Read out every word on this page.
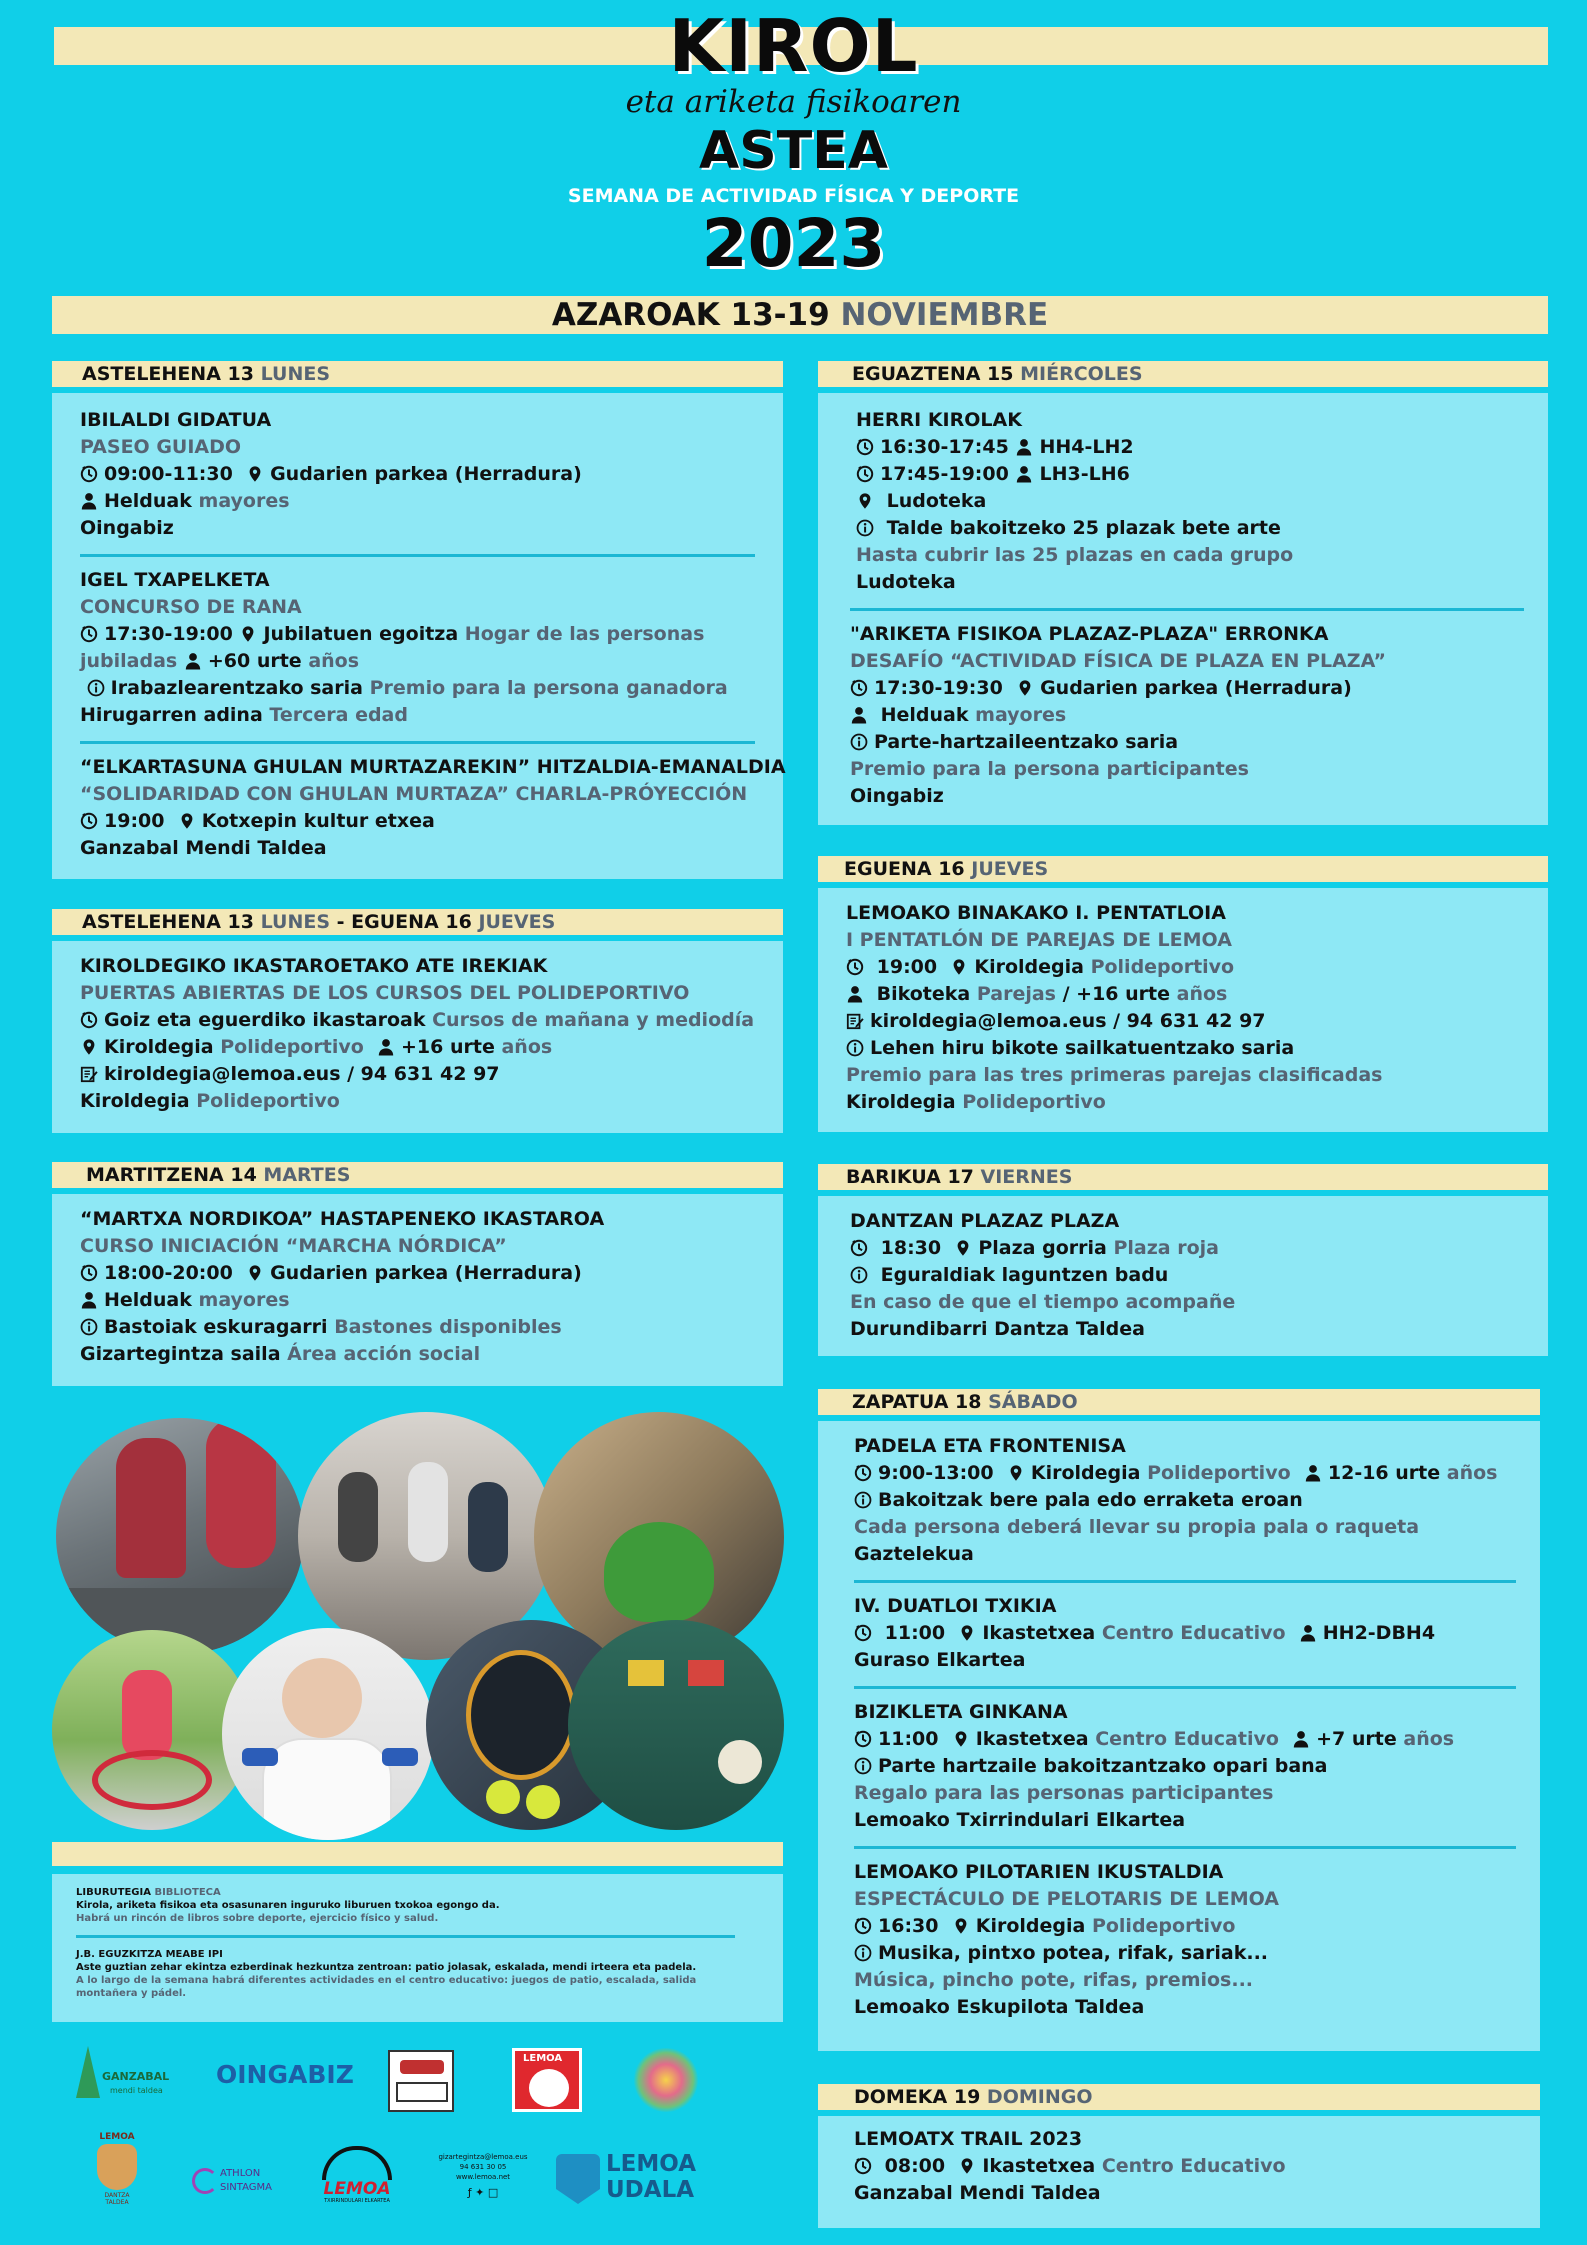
KIROL
eta ariketa fisikoaren
ASTEA
SEMANA DE ACTIVIDAD FÍSICA Y DEPORTE
2023
AZAROAK 13-19 NOVIEMBRE
ASTELEHENA 13 LUNES
IBILALDI GIDATUA
PASEO GUIADO
09:00-11:30 Gudarien parkea (Herradura)
Helduak mayores
Oingabiz
IGEL TXAPELKETA
CONCURSO DE RANA
17:30-19:00 Jubilatuen egoitza Hogar de las personas
jubiladas +60 urte años

Irabazlearentzako saria Premio para la persona ganadora
Hirugarren adina Tercera edad
“ELKARTASUNA GHULAN MURTAZAREKIN” HITZALDIA-EMANALDIA
“SOLIDARIDAD CON GHULAN MURTAZA” CHARLA-PRÓYECCIÓN
19:00 Kotxepin kultur etxea
Ganzabal Mendi Taldea
ASTELEHENA 13 LUNES - EGUENA 16 JUEVES
KIROLDEGIKO IKASTAROETAKO ATE IREKIAK
PUERTAS ABIERTAS DE LOS CURSOS DEL POLIDEPORTIVO
Goiz eta eguerdiko ikastaroak Cursos de mañana y mediodía
Kiroldegia Polideportivo +16 urte años
kiroldegia@lemoa.eus / 94 631 42 97
Kiroldegia Polideportivo
MARTITZENA 14 MARTES
“MARTXA NORDIKOA” HASTAPENEKO IKASTAROA
CURSO INICIACIÓN “MARCHA NÓRDICA”
18:00-20:00 Gudarien parkea (Herradura)
Helduak mayores
Bastoiak eskuragarri Bastones disponibles
Gizartegintza saila Área acción social
LIBURUTEGIA BIBLIOTECA
Kirola, ariketa fisikoa eta osasunaren inguruko liburuen txokoa egongo da.
Habrá un rincón de libros sobre deporte, ejercicio físico y salud.
J.B. EGUZKITZA MEABE IPI
Aste guztian zehar ekintza ezberdinak hezkuntza zentroan: patio jolasak, eskalada, mendi irteera eta padela.
A lo largo de la semana habrá diferentes actividades en el centro educativo: juegos de patio, escalada, salida montañera y pádel.
GANZABAL
mendi taldea
OINGABIZ
LEMOA
LEMOA
DANTZA TALDEA
ATHLON
SINTAGMA	LEMOA
TXIRRINDULARI ELKARTEA
gizartegintza@lemoa.eus
94 631 30 05
www.lemoa.net
ƒ ✦ □
LEMOA
UDALA
EGUAZTENA 15 MIÉRCOLES
HERRI KIROLAK
16:30-17:45 HH4-LH2
17:45-19:00 LH3-LH6
Ludoteka
Talde bakoitzeko 25 plazak bete arte
Hasta cubrir las 25 plazas en cada grupo
Ludoteka
"ARIKETA FISIKOA PLAZAZ-PLAZA" ERRONKA
DESAFÍO “ACTIVIDAD FÍSICA DE PLAZA EN PLAZA”
17:30-19:30 Gudarien parkea (Herradura)
Helduak mayores
Parte-hartzaileentzako saria
Premio para la persona participantes
Oingabiz
EGUENA 16 JUEVES
LEMOAKO BINAKAKO I. PENTATLOIA
I PENTATLÓN DE PAREJAS DE LEMOA
19:00 Kiroldegia Polideportivo
Bikoteka Parejas / +16 urte años
kiroldegia@lemoa.eus / 94 631 42 97
Lehen hiru bikote sailkatuentzako saria
Premio para las tres primeras parejas clasificadas
Kiroldegia Polideportivo
BARIKUA 17 VIERNES
DANTZAN PLAZAZ PLAZA
18:30 Plaza gorria Plaza roja
Eguraldiak laguntzen badu
En caso de que el tiempo acompañe
Durundibarri Dantza Taldea
ZAPATUA 18 SÁBADO
PADELA ETA FRONTENISA
9:00-13:00 Kiroldegia Polideportivo 12-16 urte años
Bakoitzak bere pala edo erraketa eroan
Cada persona deberá llevar su propia pala o raqueta
Gaztelekua
IV. DUATLOI TXIKIA
11:00 Ikastetxea Centro Educativo HH2-DBH4
Guraso Elkartea
BIZIKLETA GINKANA
11:00 Ikastetxea Centro Educativo +7 urte años
Parte hartzaile bakoitzantzako opari bana
Regalo para las personas participantes
Lemoako Txirrindulari Elkartea
LEMOAKO PILOTARIEN IKUSTALDIA
ESPECTÁCULO DE PELOTARIS DE LEMOA
16:30 Kiroldegia Polideportivo
Musika, pintxo potea, rifak, sariak...
Música, pincho pote, rifas, premios...
Lemoako Eskupilota Taldea
DOMEKA 19 DOMINGO
LEMOATX TRAIL 2023
08:00 Ikastetxea Centro Educativo
Ganzabal Mendi Taldea
